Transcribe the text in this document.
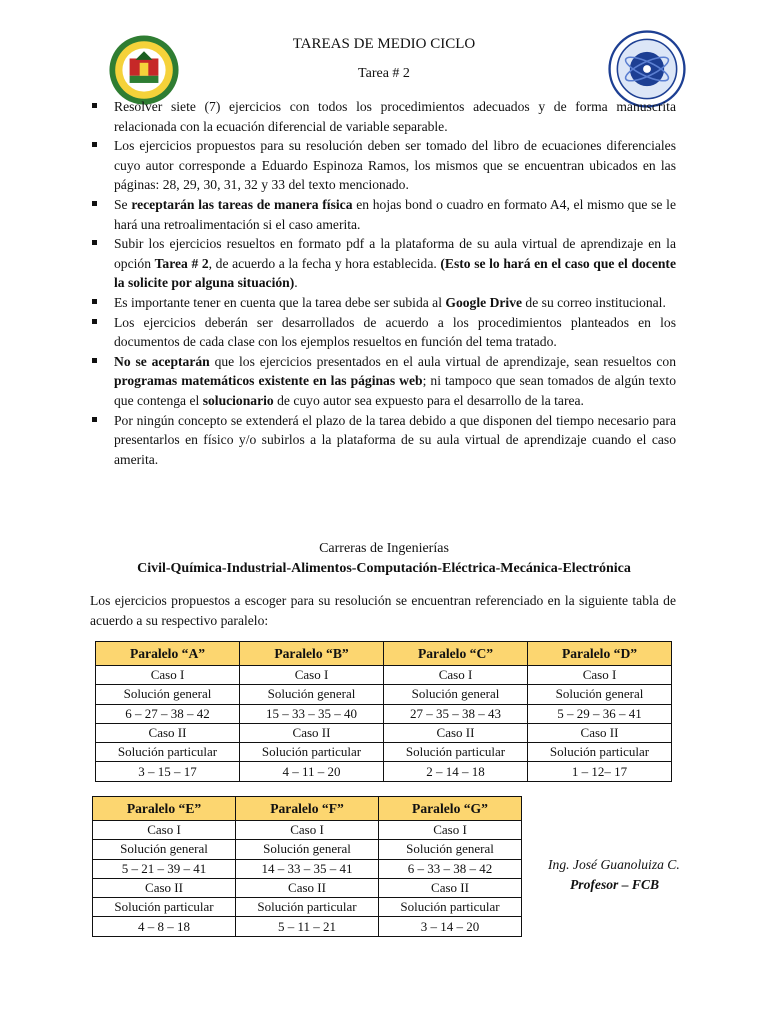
TAREAS DE MEDIO CICLO
Tarea # 2
Resolver siete (7) ejercicios con todos los procedimientos adecuados y de forma manuscrita relacionada con la ecuación diferencial de variable separable.
Los ejercicios propuestos para su resolución deben ser tomado del libro de ecuaciones diferenciales cuyo autor corresponde a Eduardo Espinoza Ramos, los mismos que se encuentran ubicados en las páginas: 28, 29, 30, 31, 32 y 33 del texto mencionado.
Se receptarán las tareas de manera física en hojas bond o cuadro en formato A4, el mismo que se le hará una retroalimentación si el caso amerita.
Subir los ejercicios resueltos en formato pdf a la plataforma de su aula virtual de aprendizaje en la opción Tarea # 2, de acuerdo a la fecha y hora establecida. (Esto se lo hará en el caso que el docente la solicite por alguna situación).
Es importante tener en cuenta que la tarea debe ser subida al Google Drive de su correo institucional.
Los ejercicios deberán ser desarrollados de acuerdo a los procedimientos planteados en los documentos de cada clase con los ejemplos resueltos en función del tema tratado.
No se aceptarán que los ejercicios presentados en el aula virtual de aprendizaje, sean resueltos con programas matemáticos existente en las páginas web; ni tampoco que sean tomados de algún texto que contenga el solucionario de cuyo autor sea expuesto para el desarrollo de la tarea.
Por ningún concepto se extenderá el plazo de la tarea debido a que disponen del tiempo necesario para presentarlos en físico y/o subirlos a la plataforma de su aula virtual de aprendizaje cuando el caso amerita.
Carreras de Ingenierías
Civil-Química-Industrial-Alimentos-Computación-Eléctrica-Mecánica-Electrónica
Los ejercicios propuestos a escoger para su resolución se encuentran referenciado en la siguiente tabla de acuerdo a su respectivo paralelo:
Paralelo “A”	Paralelo “B”	Paralelo “C”	Paralelo “D”
Caso I	Caso I	Caso I	Caso I
Solución general	Solución general	Solución general	Solución general
6 – 27 – 38 – 42	15 – 33 – 35 – 40	27 – 35 – 38 – 43	5 – 29 – 36 – 41
Caso II	Caso II	Caso II	Caso II
Solución particular	Solución particular	Solución particular	Solución particular
3 – 15 – 17	4 – 11 – 20	2 – 14 – 18	1 – 12– 17
Paralelo “E”	Paralelo “F”	Paralelo “G”
Caso I	Caso I	Caso I
Solución general	Solución general	Solución general
5 – 21 – 39 – 41	14 – 33 – 35 – 41	6 – 33 – 38 – 42
Caso II	Caso II	Caso II
Solución particular	Solución particular	Solución particular
4 – 8 – 18	5 – 11 – 21	3 – 14 – 20
Ing. José Guanoluiza C.
Profesor – FCB
